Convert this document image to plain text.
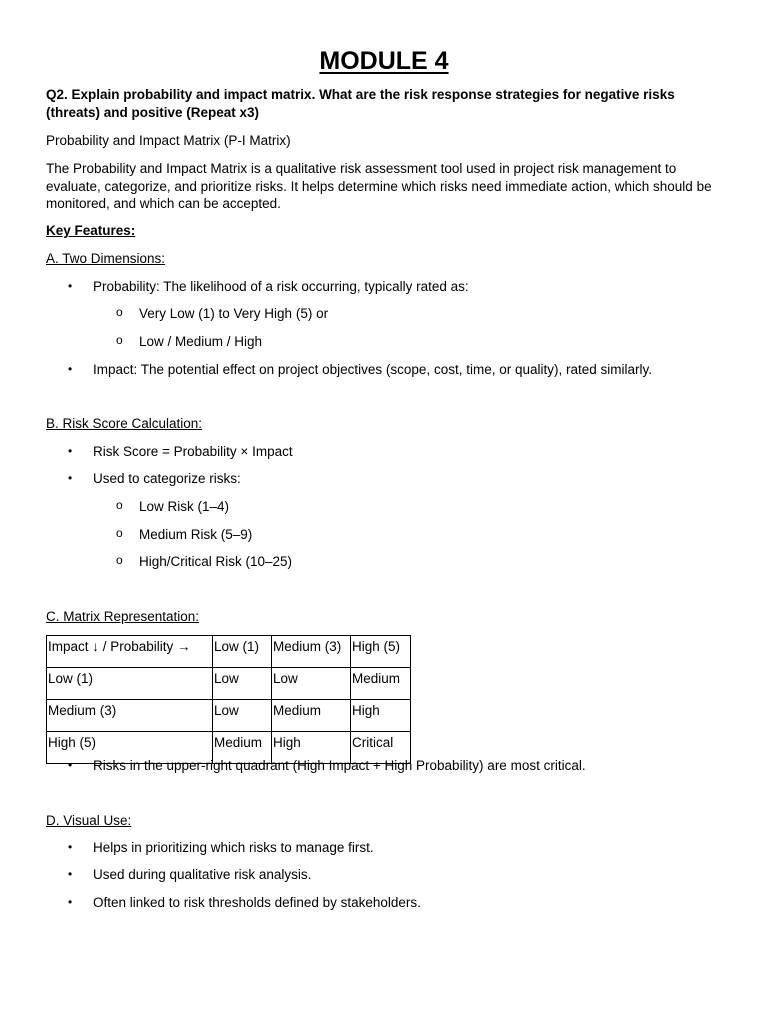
MODULE 4
Q2. Explain probability and impact matrix. What are the risk response strategies for negative risks (threats) and positive (Repeat x3)
Probability and Impact Matrix (P-I Matrix)
The Probability and Impact Matrix is a qualitative risk assessment tool used in project risk management to evaluate, categorize, and prioritize risks. It helps determine which risks need immediate action, which should be monitored, and which can be accepted.
Key Features:
A. Two Dimensions:
• Probability: The likelihood of a risk occurring, typically rated as:
o Very Low (1) to Very High (5) or
o Low / Medium / High
• Impact: The potential effect on project objectives (scope, cost, time, or quality), rated similarly.
B. Risk Score Calculation:
• Risk Score = Probability × Impact
• Used to categorize risks:
o Low Risk (1–4)
o Medium Risk (5–9)
o High/Critical Risk (10–25)
C. Matrix Representation:
Impact ↓ / Probability →	Low (1)	Medium (3)	High (5)
Low (1)	Low	Low	Medium
Medium (3)	Low	Medium	High
High (5)	Medium	High	Critical
• Risks in the upper-right quadrant (High Impact + High Probability) are most critical.
D. Visual Use:
• Helps in prioritizing which risks to manage first.
• Used during qualitative risk analysis.
• Often linked to risk thresholds defined by stakeholders.
